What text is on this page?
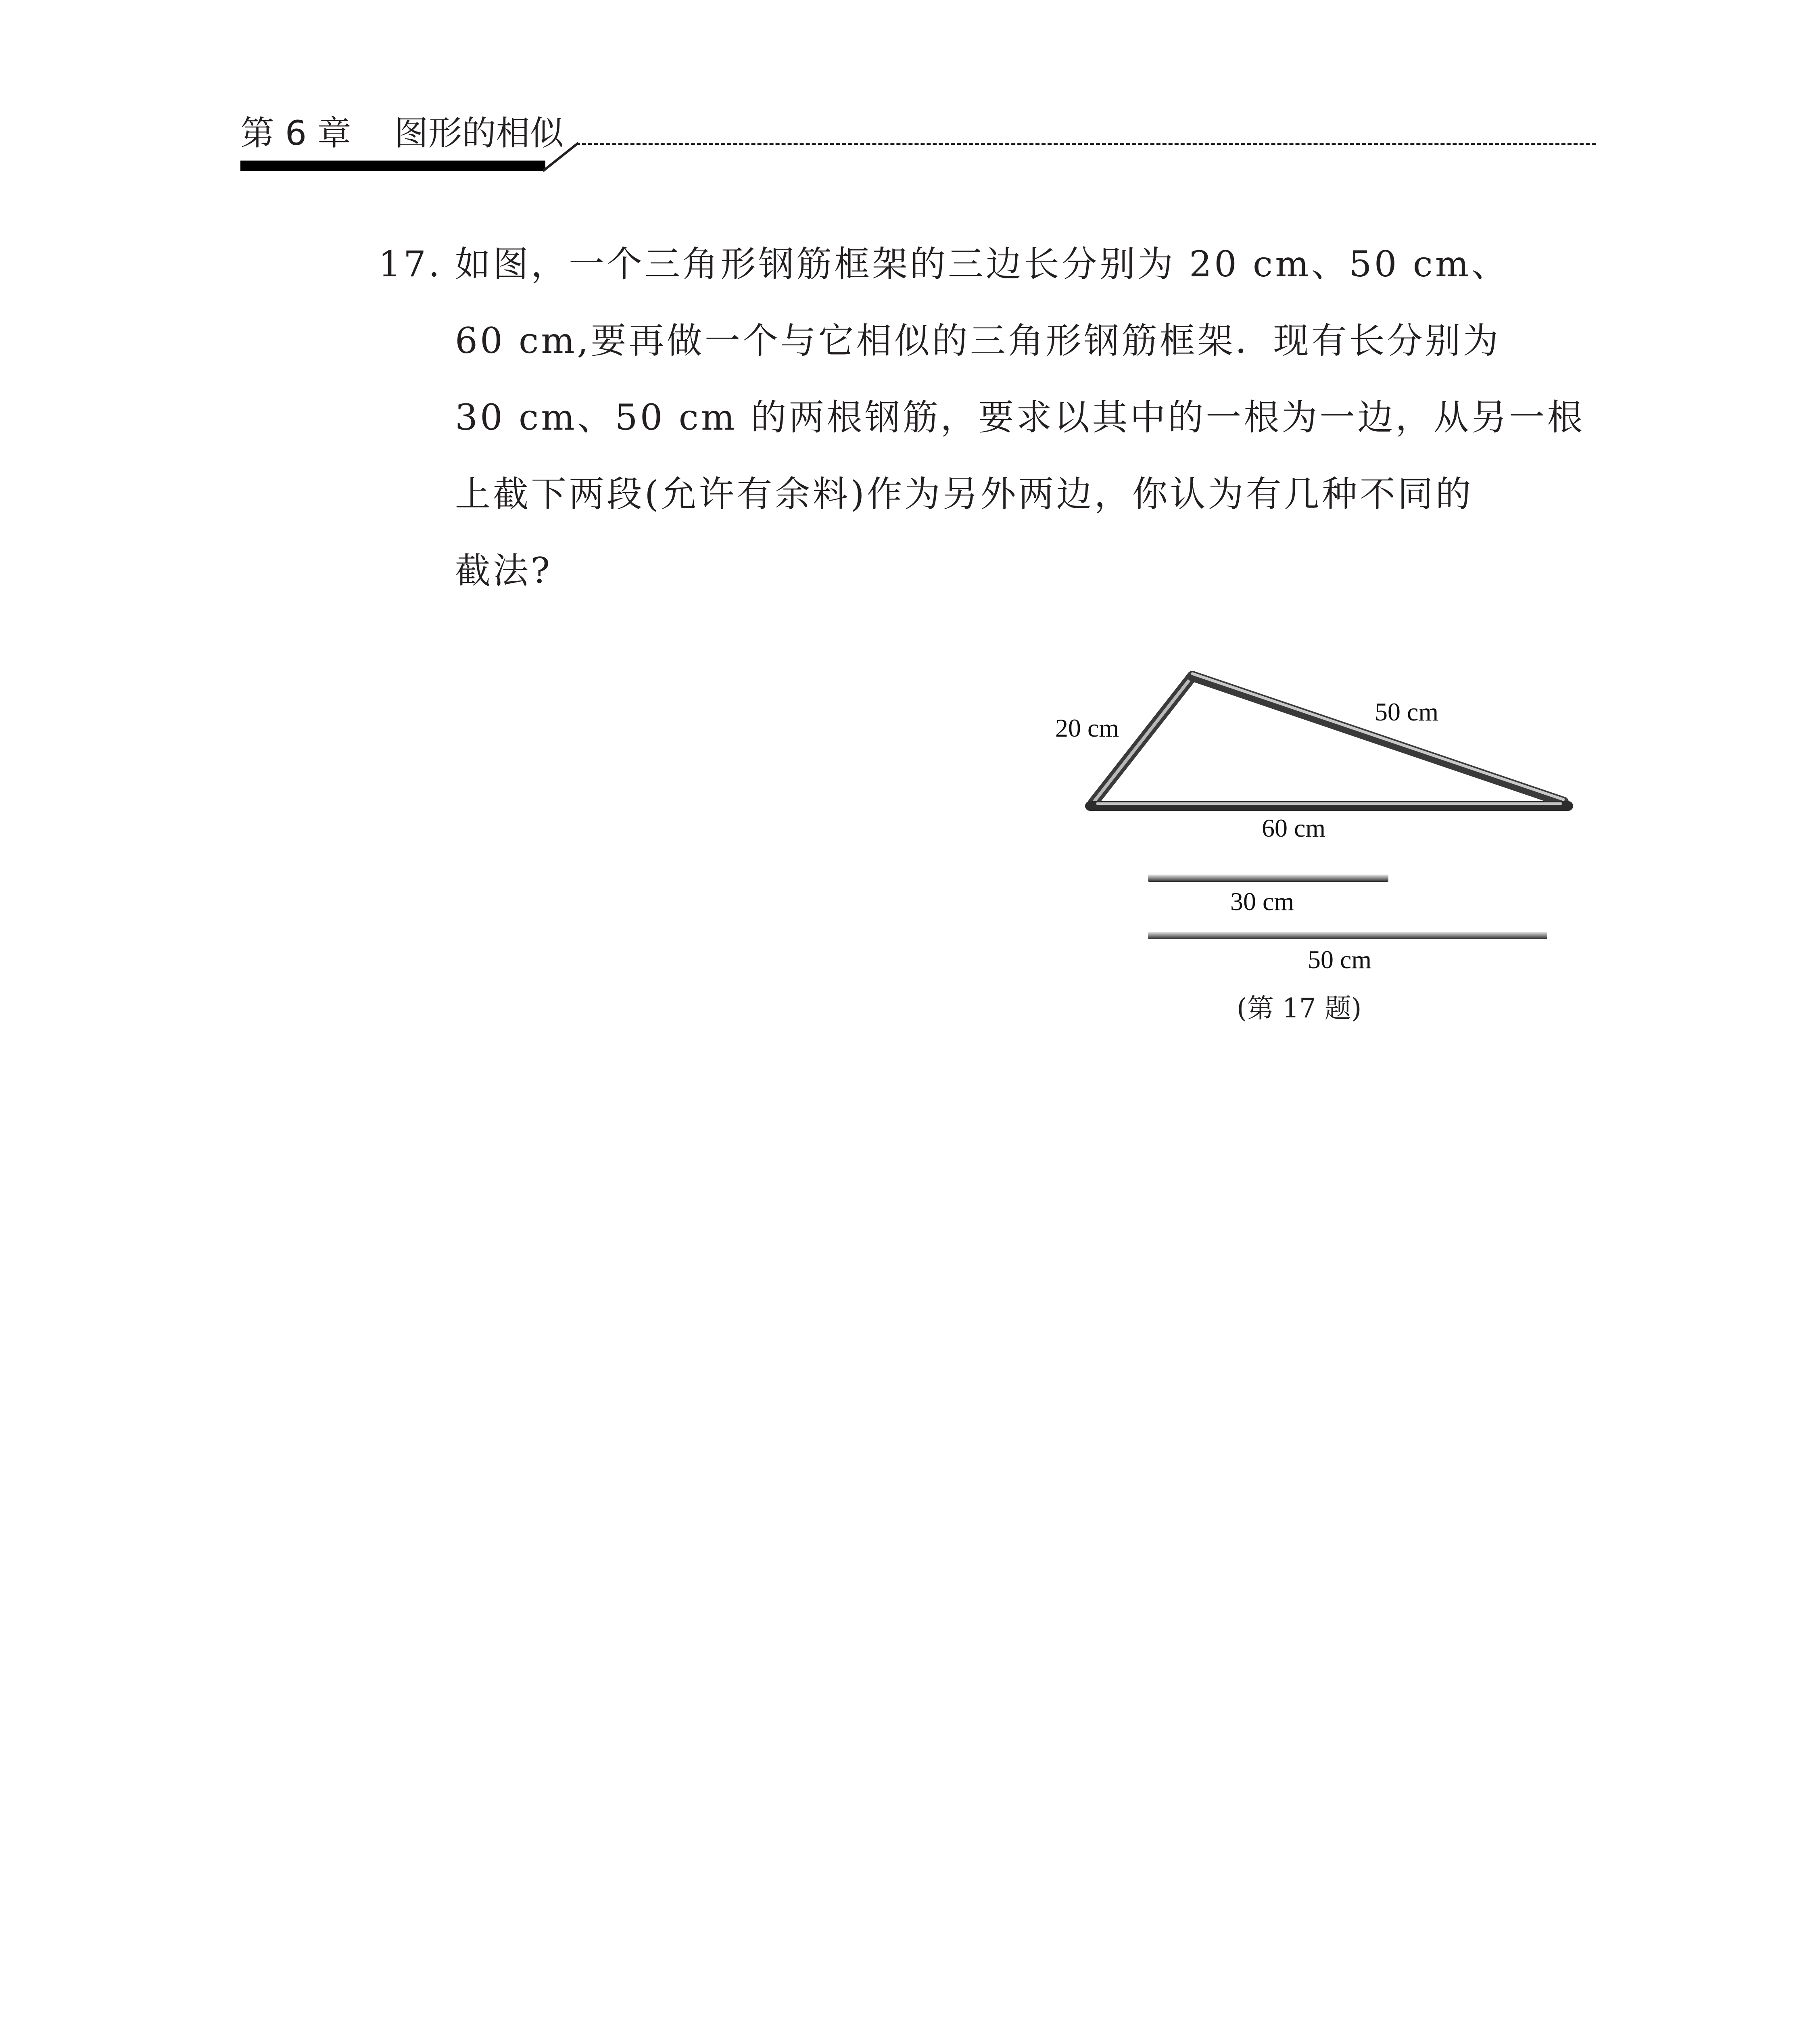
第 6 章    图形的相似
17. 如图，一个三角形钢筋框架的三边长分别为 20 cm、50 cm、
60 cm,要再做一个与它相似的三角形钢筋框架．现有长分别为
30 cm、50 cm 的两根钢筋，要求以其中的一根为一边，从另一根
上截下两段(允许有余料)作为另外两边，你认为有几种不同的
截法?
20 cm
50 cm
60 cm
30 cm
50 cm
(第 17 题)
